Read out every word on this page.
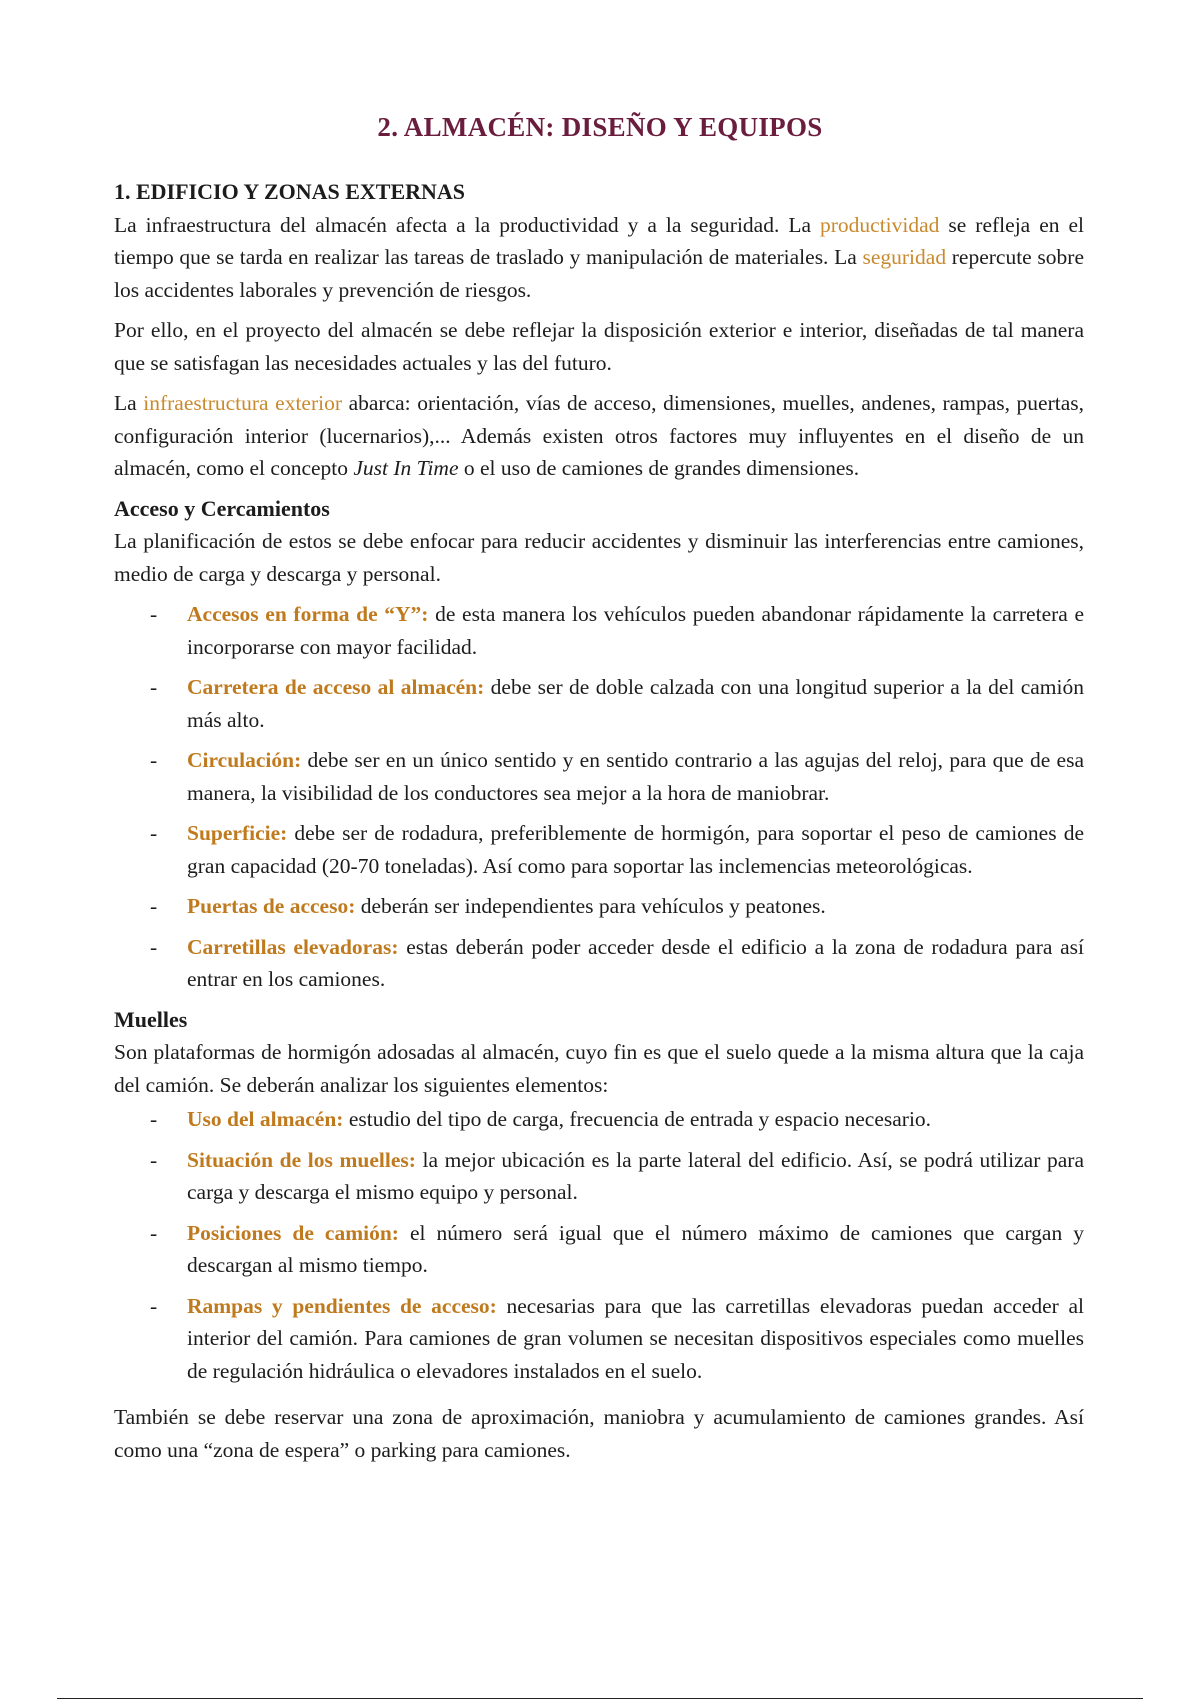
2. ALMACÉN: DISEÑO Y EQUIPOS
1. EDIFICIO Y ZONAS EXTERNAS

La infraestructura del almacén afecta a la productividad y a la seguridad. La productividad se refleja en el tiempo que se tarda en realizar las tareas de traslado y manipulación de materiales. La seguridad repercute sobre los accidentes laborales y prevención de riesgos.

Por ello, en el proyecto del almacén se debe reflejar la disposición exterior e interior, diseñadas de tal manera que se satisfagan las necesidades actuales y las del futuro.

La infraestructura exterior abarca: orientación, vías de acceso, dimensiones, muelles, andenes, rampas, puertas, configuración interior (lucernarios),... Además existen otros factores muy influyentes en el diseño de un almacén, como el concepto Just In Time o el uso de camiones de grandes dimensiones.

Acceso y Cercamientos

La planificación de estos se debe enfocar para reducir accidentes y disminuir las interferencias entre camiones, medio de carga y descarga y personal.

- Accesos en forma de “Y”: de esta manera los vehículos pueden abandonar rápidamente la carretera e incorporarse con mayor facilidad.
- Carretera de acceso al almacén: debe ser de doble calzada con una longitud superior a la del camión más alto.
- Circulación: debe ser en un único sentido y en sentido contrario a las agujas del reloj, para que de esa manera, la visibilidad de los conductores sea mejor a la hora de maniobrar.
- Superficie: debe ser de rodadura, preferiblemente de hormigón, para soportar el peso de camiones de gran capacidad (20-70 toneladas). Así como para soportar las inclemencias meteorológicas.
- Puertas de acceso: deberán ser independientes para vehículos y peatones.
- Carretillas elevadoras: estas deberán poder acceder desde el edificio a la zona de rodadura para así entrar en los camiones.
Muelles

Son plataformas de hormigón adosadas al almacén, cuyo fin es que el suelo quede a la misma altura que la caja del camión. Se deberán analizar los siguientes elementos:

- Uso del almacén: estudio del tipo de carga, frecuencia de entrada y espacio necesario.
- Situación de los muelles: la mejor ubicación es la parte lateral del edificio. Así, se podrá utilizar para carga y descarga el mismo equipo y personal.
- Posiciones de camión: el número será igual que el número máximo de camiones que cargan y descargan al mismo tiempo.
- Rampas y pendientes de acceso: necesarias para que las carretillas elevadoras puedan acceder al interior del camión. Para camiones de gran volumen se necesitan dispositivos especiales como muelles de regulación hidráulica o elevadores instalados en el suelo.

También se debe reservar una zona de aproximación, maniobra y acumulamiento de camiones grandes. Así como una “zona de espera” o parking para camiones.
